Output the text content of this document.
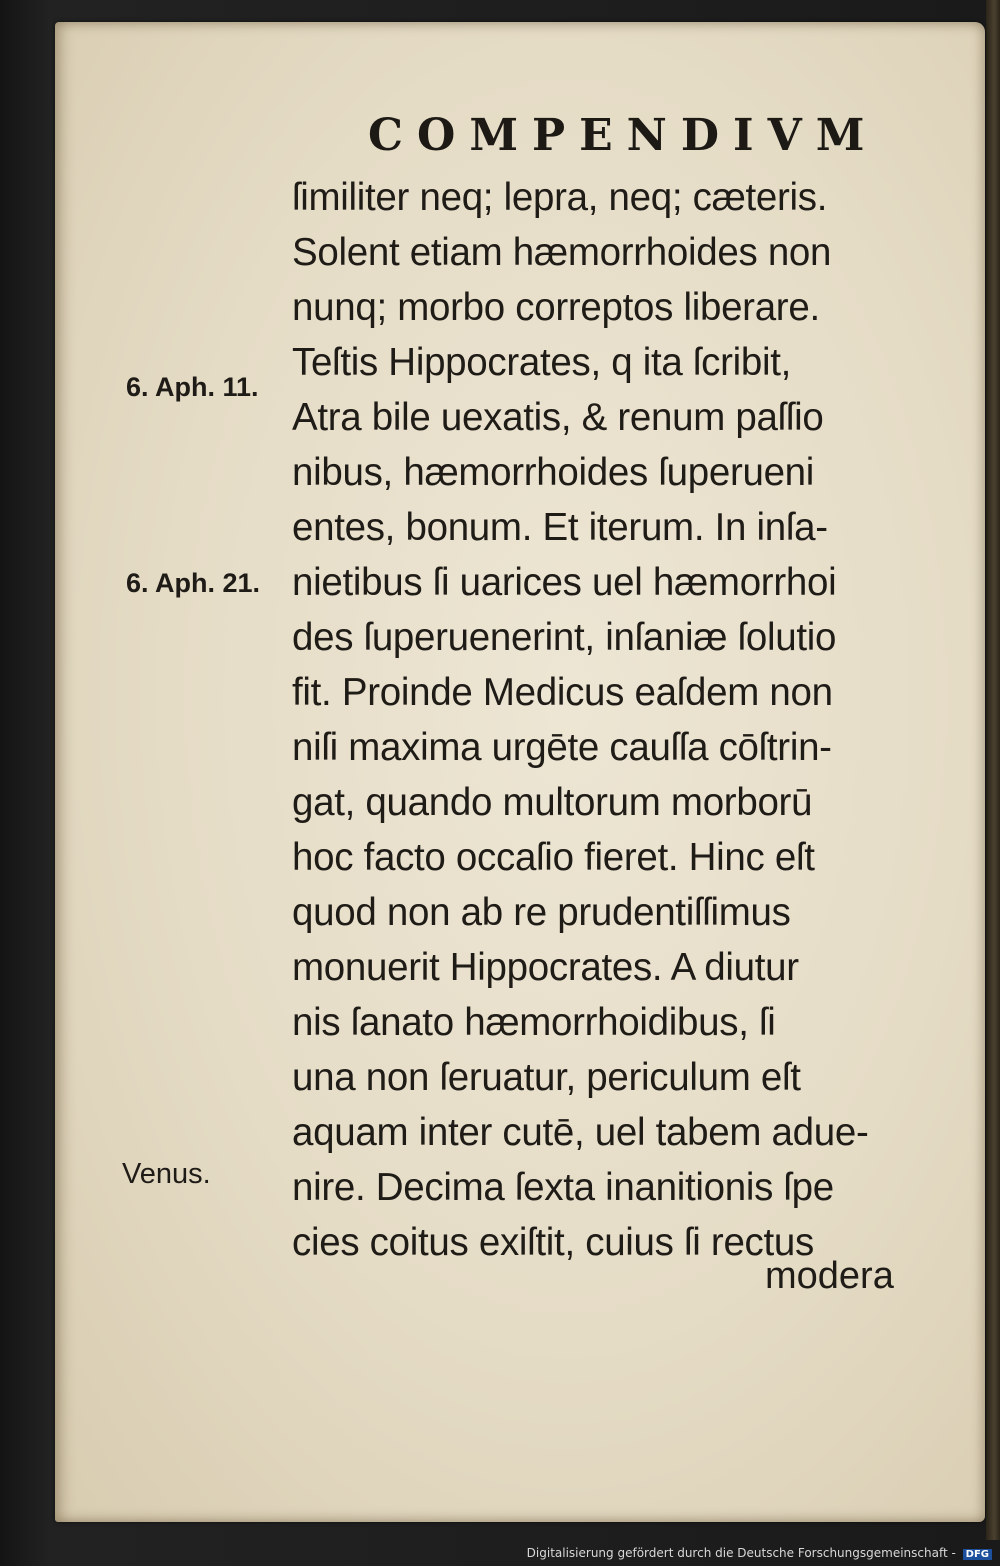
COMPENDIVM
ſimiliter neq; lepra, neq; cæteris.
Solent etiam hæmorrhoides non
nunq; morbo correptos liberare.
Teſtis Hippocrates, q ita ſcribit,
Atra bile uexatis, & renum paſſio
nibus, hæmorrhoides ſuperueni
entes, bonum. Et iterum. In inſa-
nietibus ſi uarices uel hæmorrhoi
des ſuperuenerint, inſaniæ ſolutio
fit. Proinde Medicus eaſdem non
niſi maxima urgēte cauſſa cōſtrin-
gat, quando multorum morborū
hoc facto occaſio fieret. Hinc eſt
quod non ab re prudentiſſimus
monuerit Hippocrates. A diutur
nis ſanato hæmorrhoidibus, ſi
una non ſeruatur, periculum eſt
aquam inter cutē, uel tabem adue-
nire. Decima ſexta inanitionis ſpe
cies coitus exiſtit, cuius ſi rectus
modera
6. Aph. 11.
6. Aph. 21.
Venus.
Digitalisierung gefördert durch die Deutsche Forschungsgemeinschaft - DFG
